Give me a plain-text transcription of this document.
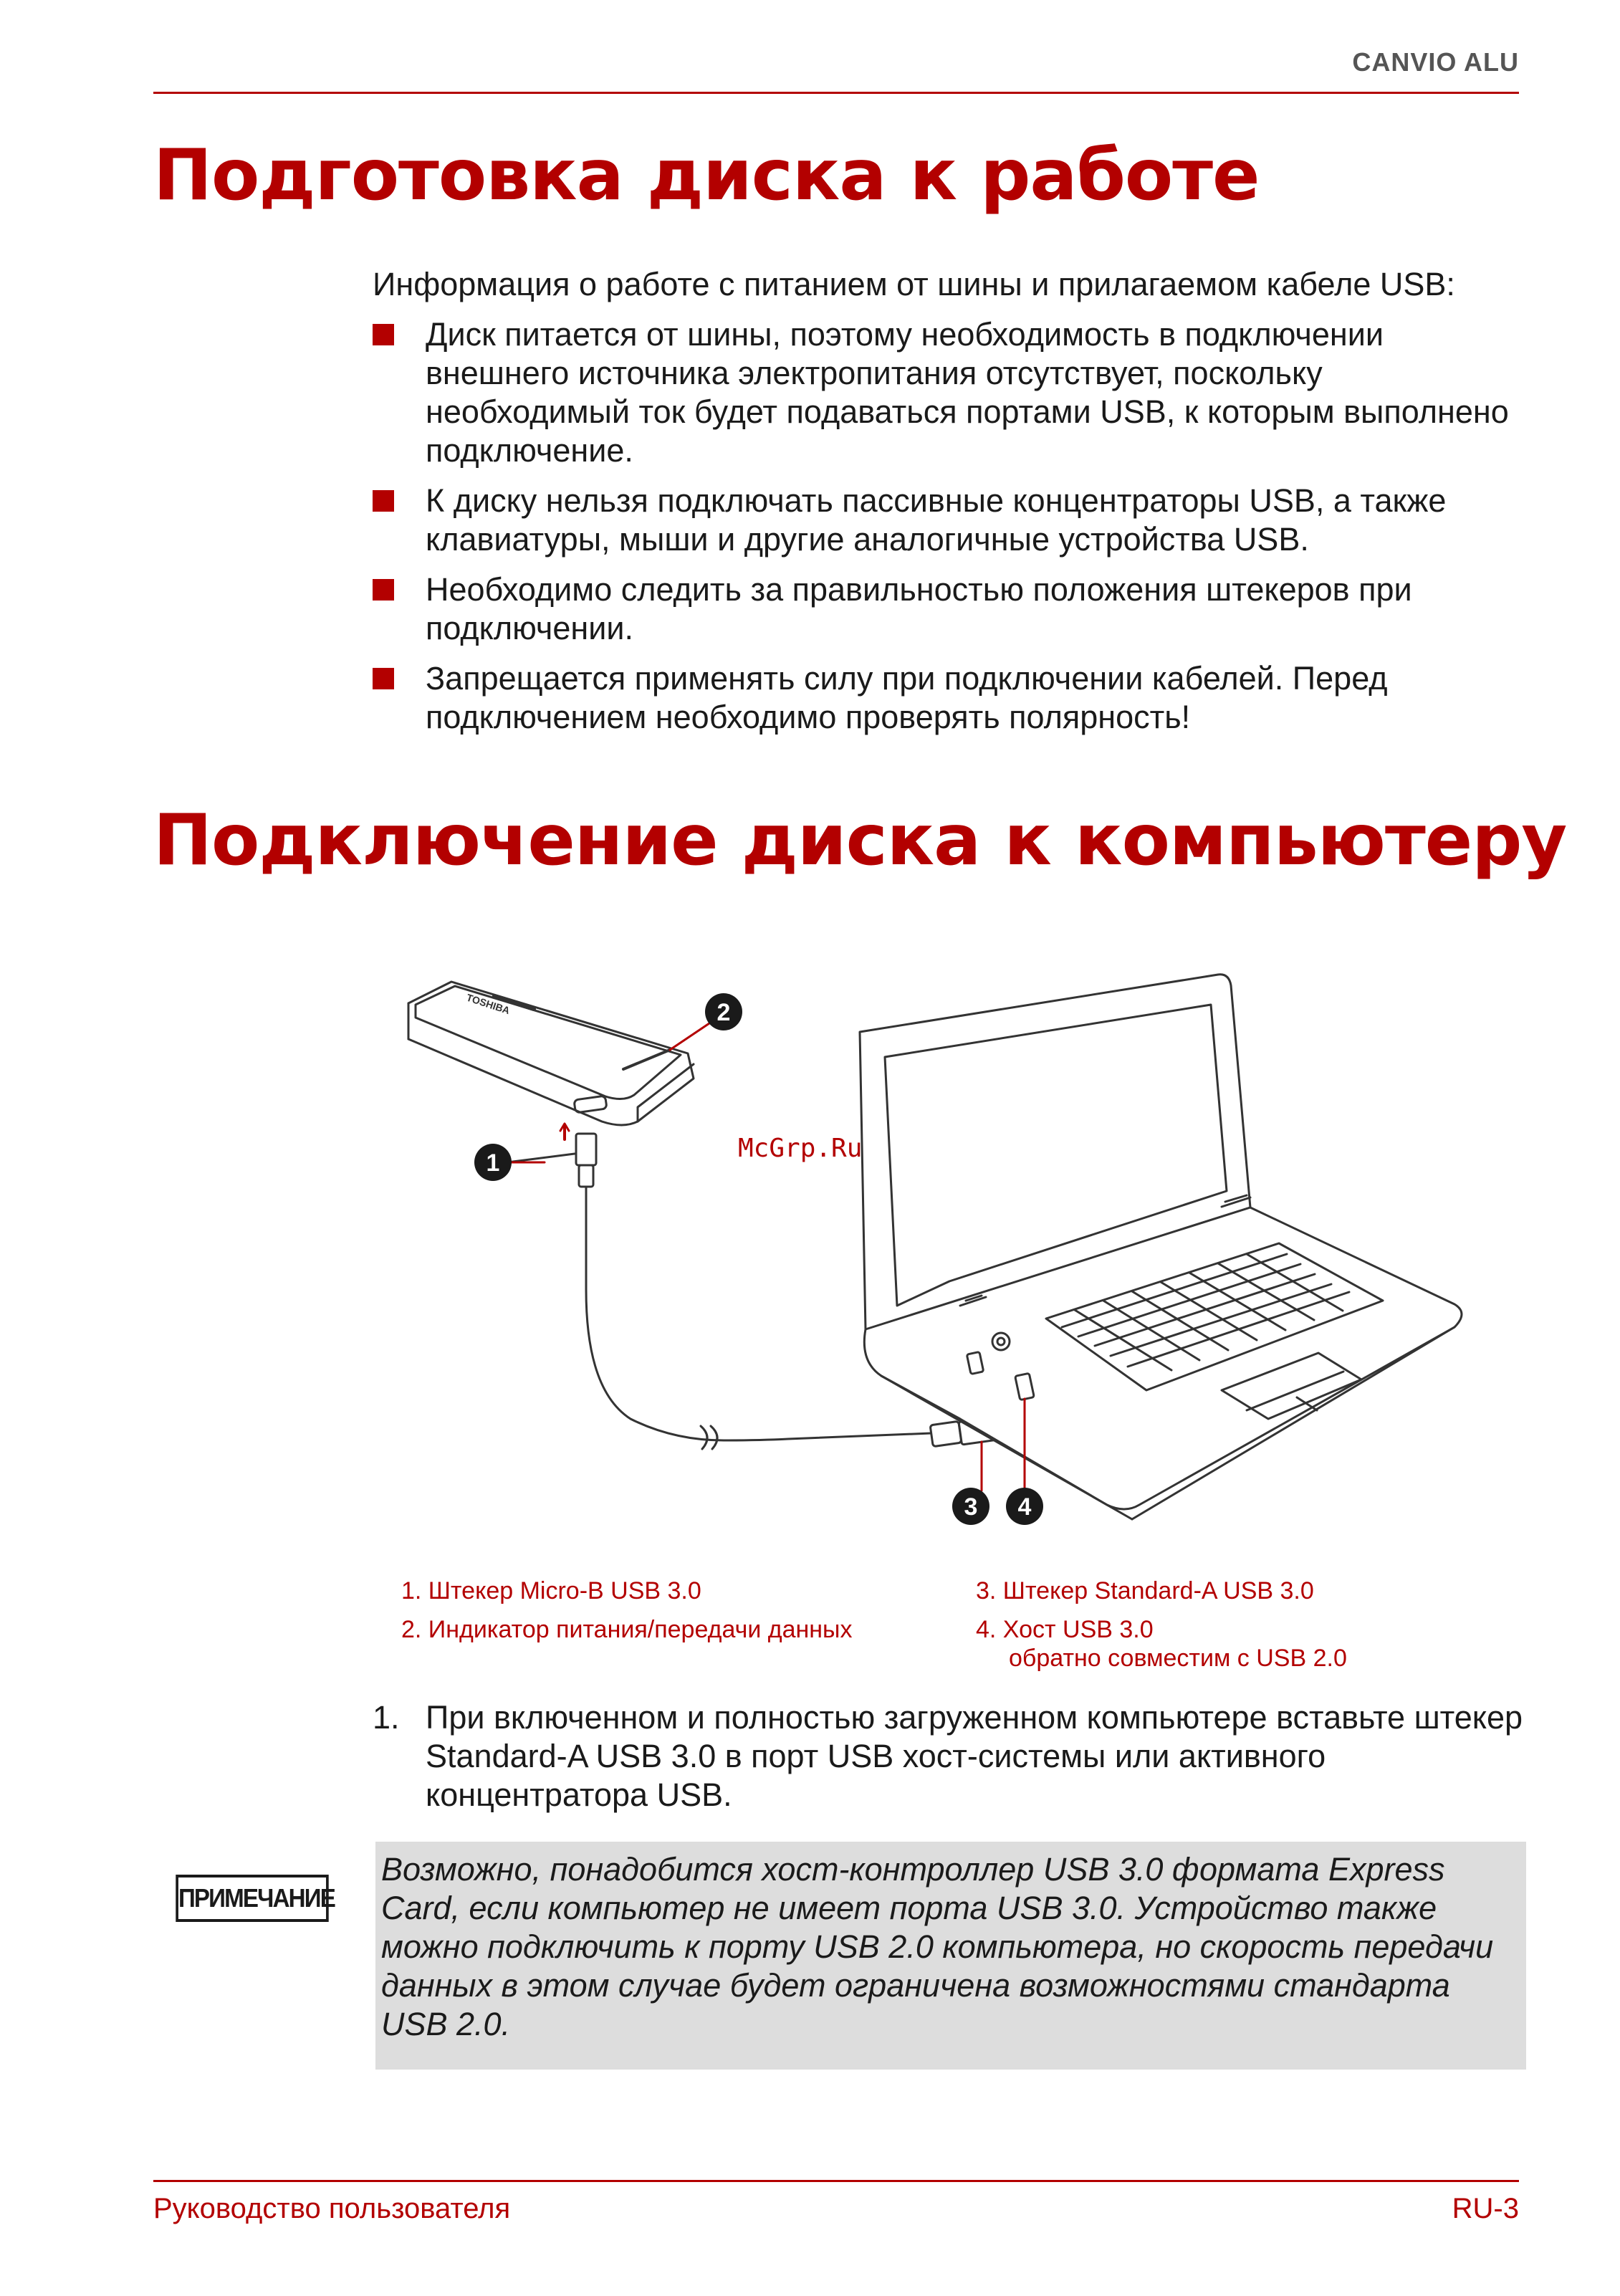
CANVIO ALU
Подготовка диска к работе
Информация о работе с питанием от шины и прилагаемом кабеле USB:
Диск питается от шины, поэтому необходимость в подключении внешнего источника электропитания отсутствует, поскольку необходимый ток будет подаваться портами USB, к которым выполнено подключение.
К диску нельзя подключать пассивные концентраторы USB, а также клавиатуры, мыши и другие аналогичные устройства USB.
Необходимо следить за правильностью положения штекеров при подключении.
Запрещается применять силу при подключении кабелей. Перед подключением необходимо проверять полярность!
Подключение диска к компьютеру
1
2
3 4
TOSHIBA
McGrp.Ru
1. Штекер Micro-B USB 3.0
2. Индикатор питания/передачи данных
3. Штекер Standard-A USB 3.0
4. Хост USB 3.0
обратно совместим с USB 2.0
1. При включенном и полностью загруженном компьютере вставьте штекер Standard-A USB 3.0 в порт USB хост-системы или активного концентратора USB.
ПРИМЕЧАНИЕ
Возможно, понадобится хост-контроллер USB 3.0 формата Express Card, если компьютер не имеет порта USB 3.0. Устройство также можно подключить к порту USB 2.0 компьютера, но скорость передачи данных в этом случае будет ограничена возможностями стандарта USB 2.0.
Руководство пользователя	RU-3
